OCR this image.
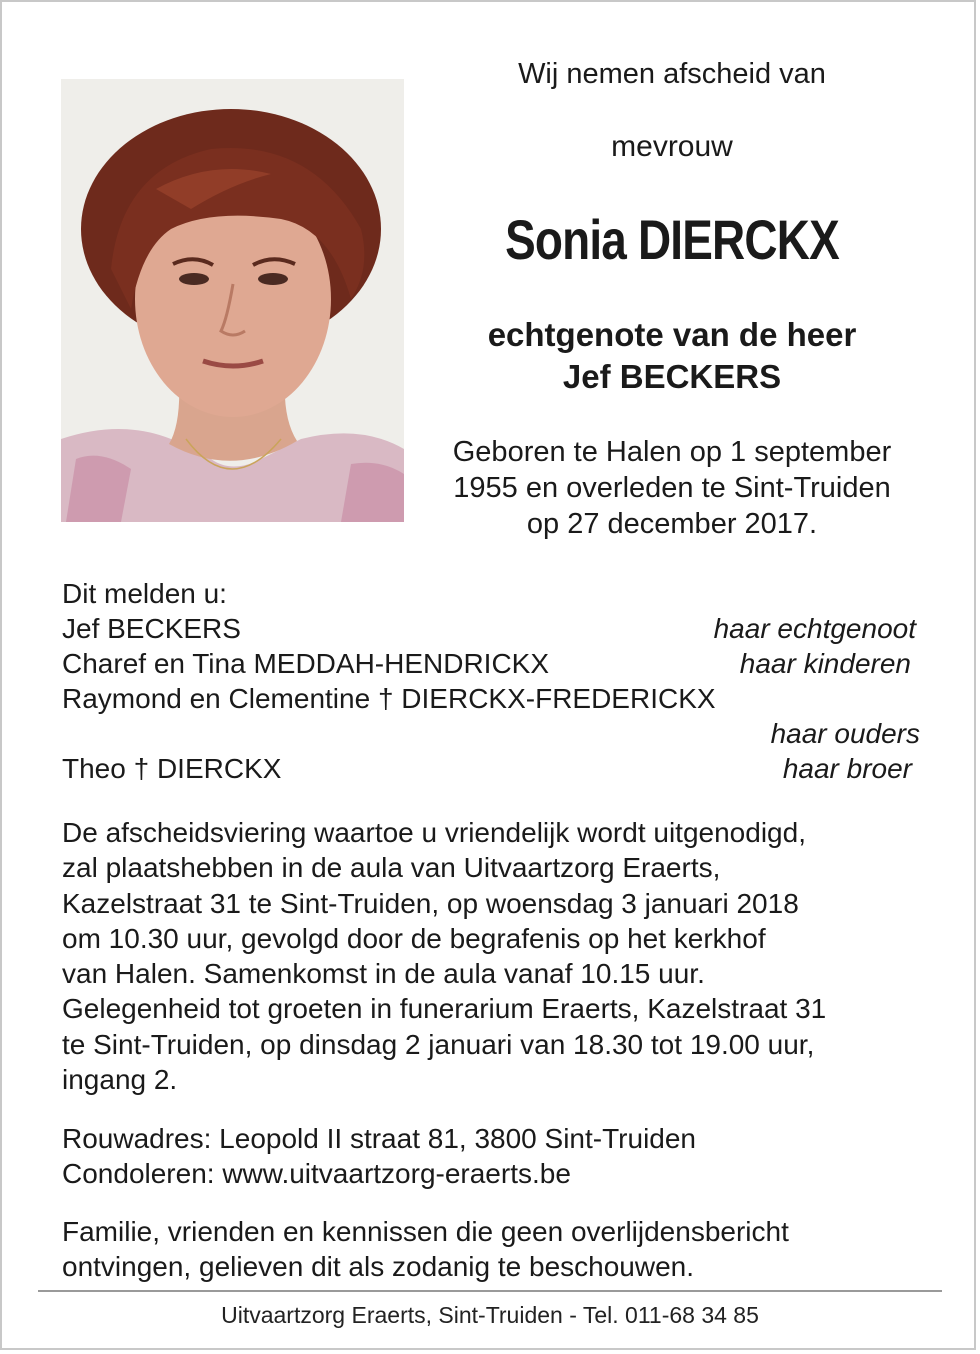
Wij nemen afscheid van
mevrouw
Sonia DIERCKX
echtgenote van de heer
Jef BECKERS
Geboren te Halen op 1 september
1955 en overleden te Sint-Truiden
op 27 december 2017.
Dit melden u:
Jef BECKERS	haar echtgenoot
Charef en Tina MEDDAH-HENDRICKX	haar kinderen
Raymond en Clementine † DIERCKX-FREDERICKX
haar ouders
Theo † DIERCKX	haar broer
De afscheidsviering waartoe u vriendelijk wordt uitgenodigd,
zal plaatshebben in de aula van Uitvaartzorg Eraerts,
Kazelstraat 31 te Sint-Truiden, op woensdag 3 januari 2018
om 10.30 uur, gevolgd door de begrafenis op het kerkhof
van Halen. Samenkomst in de aula vanaf 10.15 uur.
Gelegenheid tot groeten in funerarium Eraerts, Kazelstraat 31
te Sint-Truiden, op dinsdag 2 januari van 18.30 tot 19.00 uur,
ingang 2.
Rouwadres: Leopold II straat 81, 3800 Sint-Truiden
Condoleren: www.uitvaartzorg-eraerts.be
Familie, vrienden en kennissen die geen overlijdensbericht
ontvingen, gelieven dit als zodanig te beschouwen.
Uitvaartzorg Eraerts, Sint-Truiden - Tel. 011-68 34 85
